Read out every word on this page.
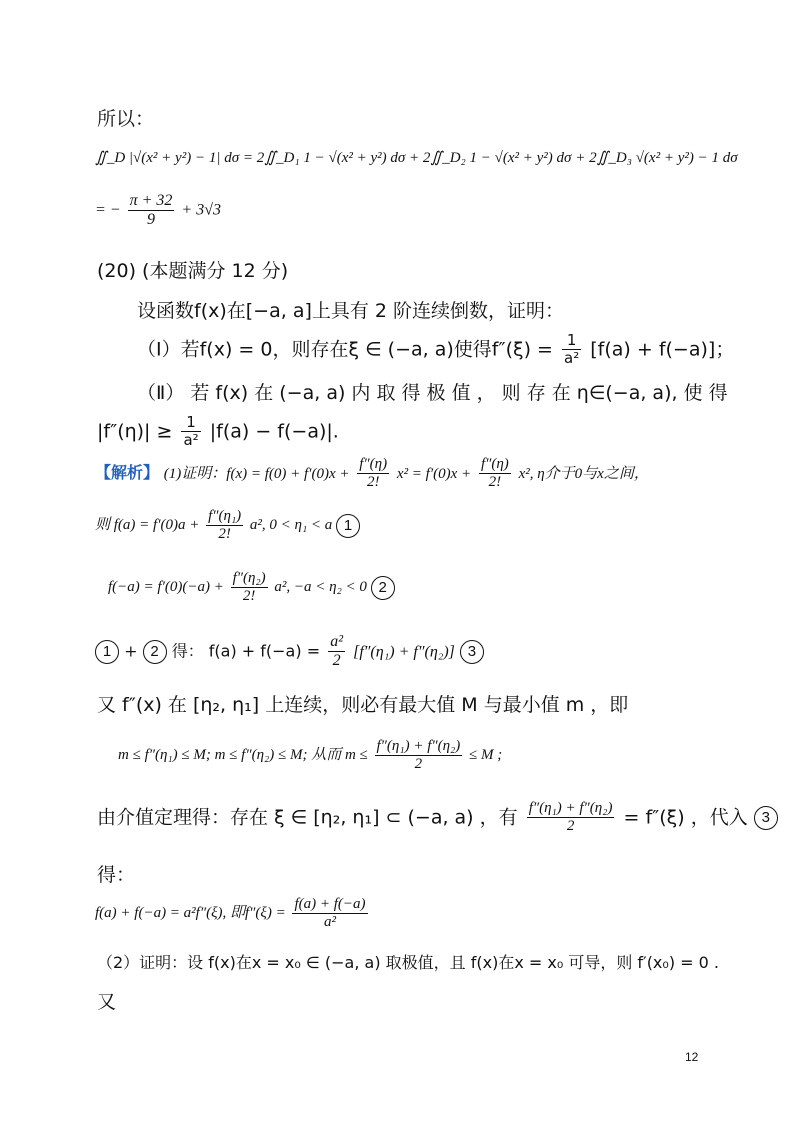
所以：
∬_D |√(x² + y²) − 1| dσ = 2∬_D₁ 1 − √(x² + y²) dσ + 2∬_D₂ 1 − √(x² + y²) dσ + 2∬_D₃ √(x² + y²) − 1 dσ
= − $\frac{\pi + 32}{9} + 3√3$
(20) (本题满分 12 分)
设函数f(x)在[−a, a]上具有 2 阶连续倒数，证明：
（Ⅰ）若f(x) = 0，则存在ξ ∈ (−a, a)使得$f''(\xi) = \frac{1}{\text{a²}} [f(a) + f(-a)]$；
（Ⅱ） 若 f(x) 在 (−a, a) 内 取 得 极 值 ， 则 存 在 η∈(−a, a), 使 得
$|f''(\eta)| \ge \frac{1}{\text{a²}} |f(a) - f(-a)|$.
【解析】 (1)证明：$f(x) = f(0) + f'(0)x + \frac{f''(\eta)}{2!} x^2 = f'(0)x + \frac{f''(\eta)}{2!} x^2$, η介于0与x之间，
则 $f(a) = f'(0)a + \frac{\text{f″(η₁)}}{2!} a^2$, 0 < η₁ < a 1
$f(-a) = f'(0)(-a) + \frac{\text{f″(η₂)}}{2!} a^2$, −a < η₂ < 0 2
1 + 2 得： $f(a) + f(-a) = \frac{\text{a²}}{2} [f''(\eta_1) + f''(\eta_2)]$ 3
又 f″(x) 在 [η₂, η₁] 上连续，则必有最大值 M 与最小值 m ，即
m ≤ f″(η₁) ≤ M; m ≤ f″(η₂) ≤ M; 从而 $m \le \frac{\text{f″(η₁) + f″(η₂)}}{2} \le M$ ;
由介值定理得：存在 ξ ∈ [η₂, η₁] ⊂ (−a, a) ，有 $\frac{\text{f″(η₁) + f″(η₂)}}{2} = f''(\xi)$ ，代入 3
得：
f(a) + f(−a) = a²f″(ξ), 即$f''(\xi) = \frac{f(a) + f(-a)}{\text{a²}}$
（2）证明：设 f(x)在x = x₀ ∈ (−a, a) 取极值，且 f(x)在x = x₀ 可导，则 f′(x₀) = 0 .
又
12
